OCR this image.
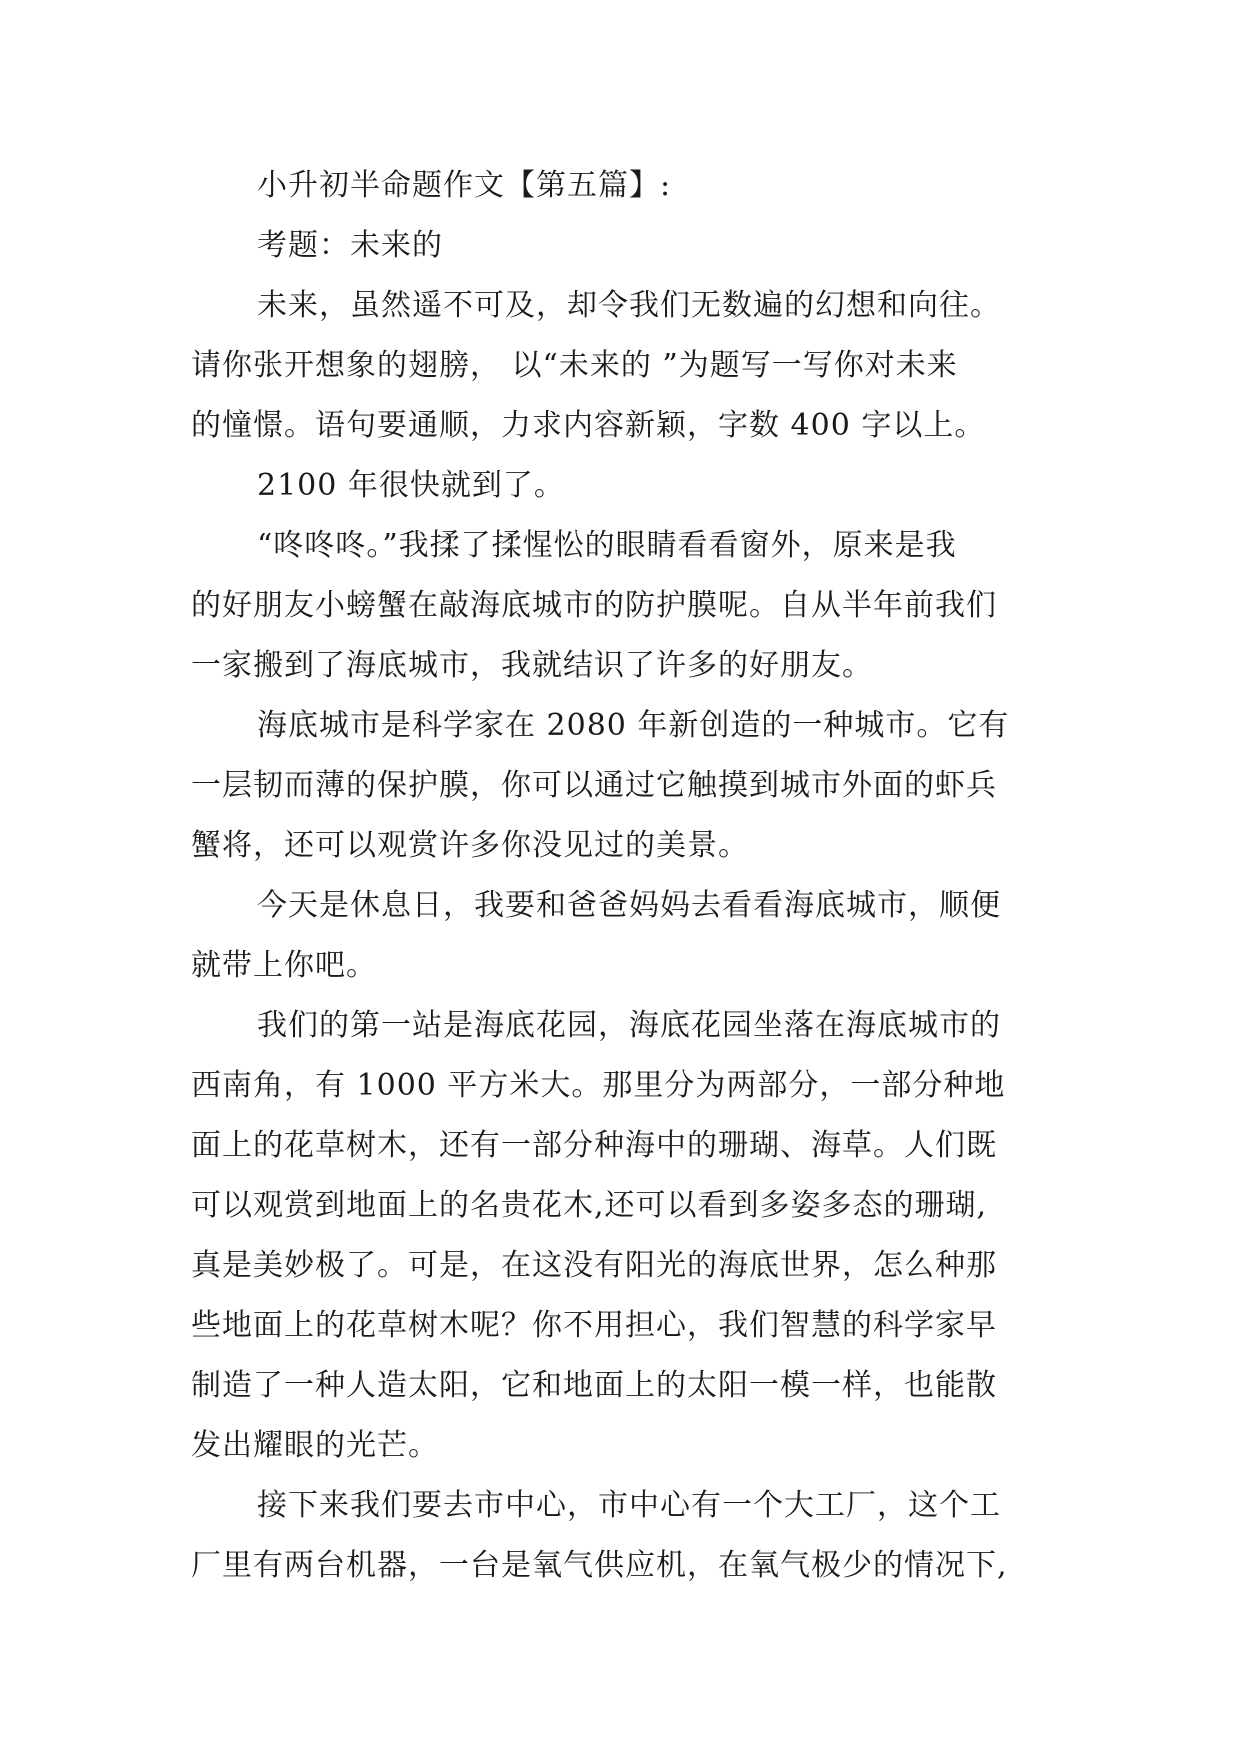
小升初半命题作文【第五篇】:
考题：未来的
未来，虽然遥不可及，却令我们无数遍的幻想和向往。
请你张开想象的翅膀， 以“未来的 ”为题写一写你对未来
的憧憬。语句要通顺，力求内容新颖，字数 400 字以上。
2100 年很快就到了。
“咚咚咚。”我揉了揉惺忪的眼睛看看窗外，原来是我
的好朋友小螃蟹在敲海底城市的防护膜呢。自从半年前我们
一家搬到了海底城市，我就结识了许多的好朋友。
海底城市是科学家在 2080 年新创造的一种城市。它有
一层韧而薄的保护膜，你可以通过它触摸到城市外面的虾兵
蟹将，还可以观赏许多你没见过的美景。
今天是休息日，我要和爸爸妈妈去看看海底城市，顺便
就带上你吧。
我们的第一站是海底花园，海底花园坐落在海底城市的
西南角，有 1000 平方米大。那里分为两部分，一部分种地
面上的花草树木，还有一部分种海中的珊瑚、海草。人们既
可以观赏到地面上的名贵花木,还可以看到多姿多态的珊瑚,
真是美妙极了。可是，在这没有阳光的海底世界，怎么种那
些地面上的花草树木呢？你不用担心，我们智慧的科学家早
制造了一种人造太阳，它和地面上的太阳一模一样，也能散
发出耀眼的光芒。
接下来我们要去市中心，市中心有一个大工厂，这个工
厂里有两台机器，一台是氧气供应机，在氧气极少的情况下,
